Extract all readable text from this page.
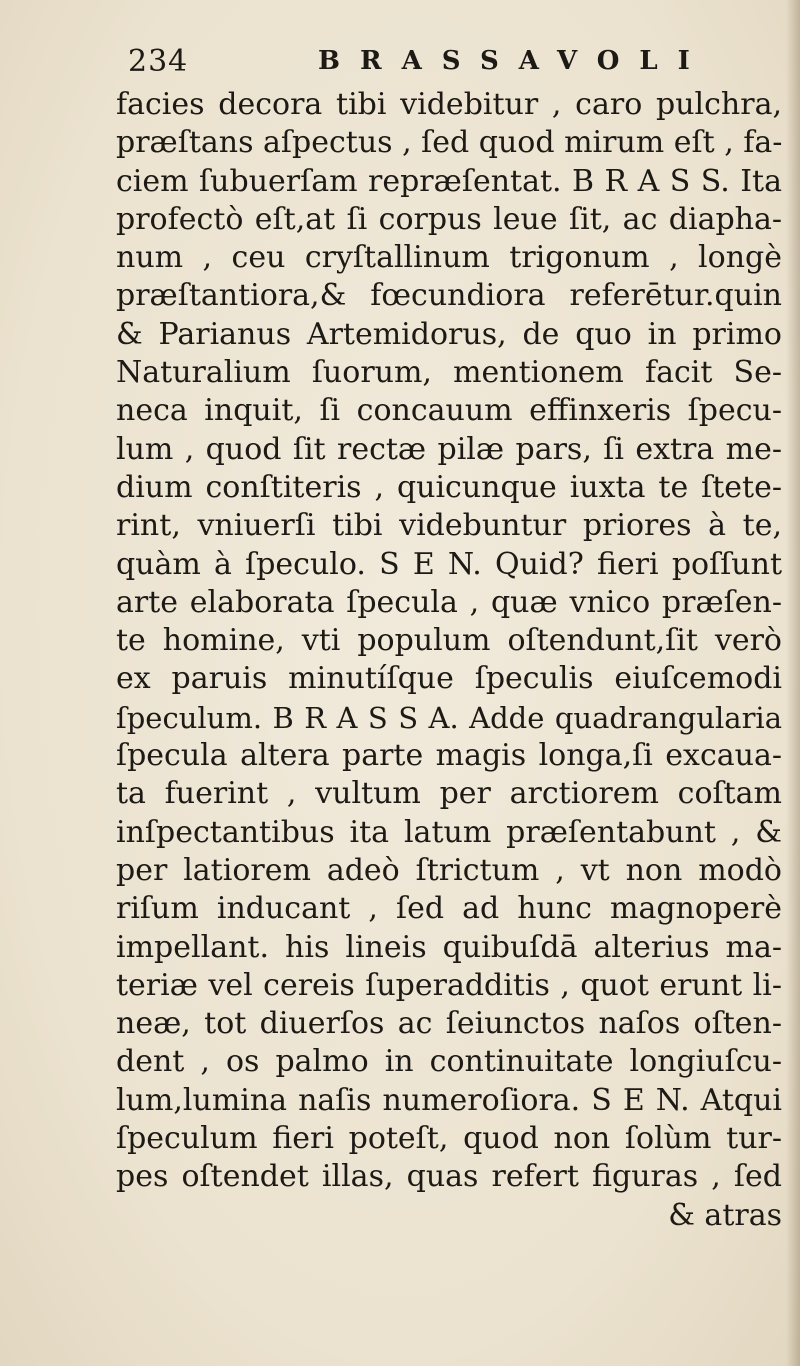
234	BRASSAVOLI
facies decora tibi videbitur , caro pulchra,
præſtans aſpectus , ſed quod mirum eſt , fa-
ciem ſubuerſam repræſentat. B R A S S. Ita
profectò eſt,at ſi corpus leue ſit, ac diapha-
num , ceu cryſtallinum trigonum , longè
præſtantiora,& fœcundiora referētur.quin
& Parianus Artemidorus, de quo in primo
Naturalium ſuorum, mentionem facit Se-
neca inquit, ſi concauum effinxeris ſpecu-
lum , quod ſit rectæ pilæ pars, ſi extra me-
dium conſtiteris , quicunque iuxta te ſtete-
rint, vniuerſi tibi videbuntur priores à te,
quàm à ſpeculo. S E N. Quid? fieri poſſunt
arte elaborata ſpecula , quæ vnico præſen-
te homine, vti populum oſtendunt,ſit verò
ex paruis minutíſque ſpeculis eiuſcemodi
ſpeculum. B R A S S A. Adde quadrangularia
ſpecula altera parte magis longa,ſi excaua-
ta fuerint , vultum per arctiorem coſtam
inſpectantibus ita latum præſentabunt , &
per latiorem adeò ſtrictum , vt non modò
riſum inducant , ſed ad hunc magnoperè
impellant. his lineis quibuſdā alterius ma-
teriæ vel cereis ſuperadditis , quot erunt li-
neæ, tot diuerſos ac ſeiunctos naſos oſten-
dent , os palmo in continuitate longiuſcu-
lum,lumina naſis numeroſiora. S E N. Atqui
ſpeculum fieri poteſt, quod non ſolùm tur-
pes oſtendet illas, quas refert figuras , ſed
& atras
